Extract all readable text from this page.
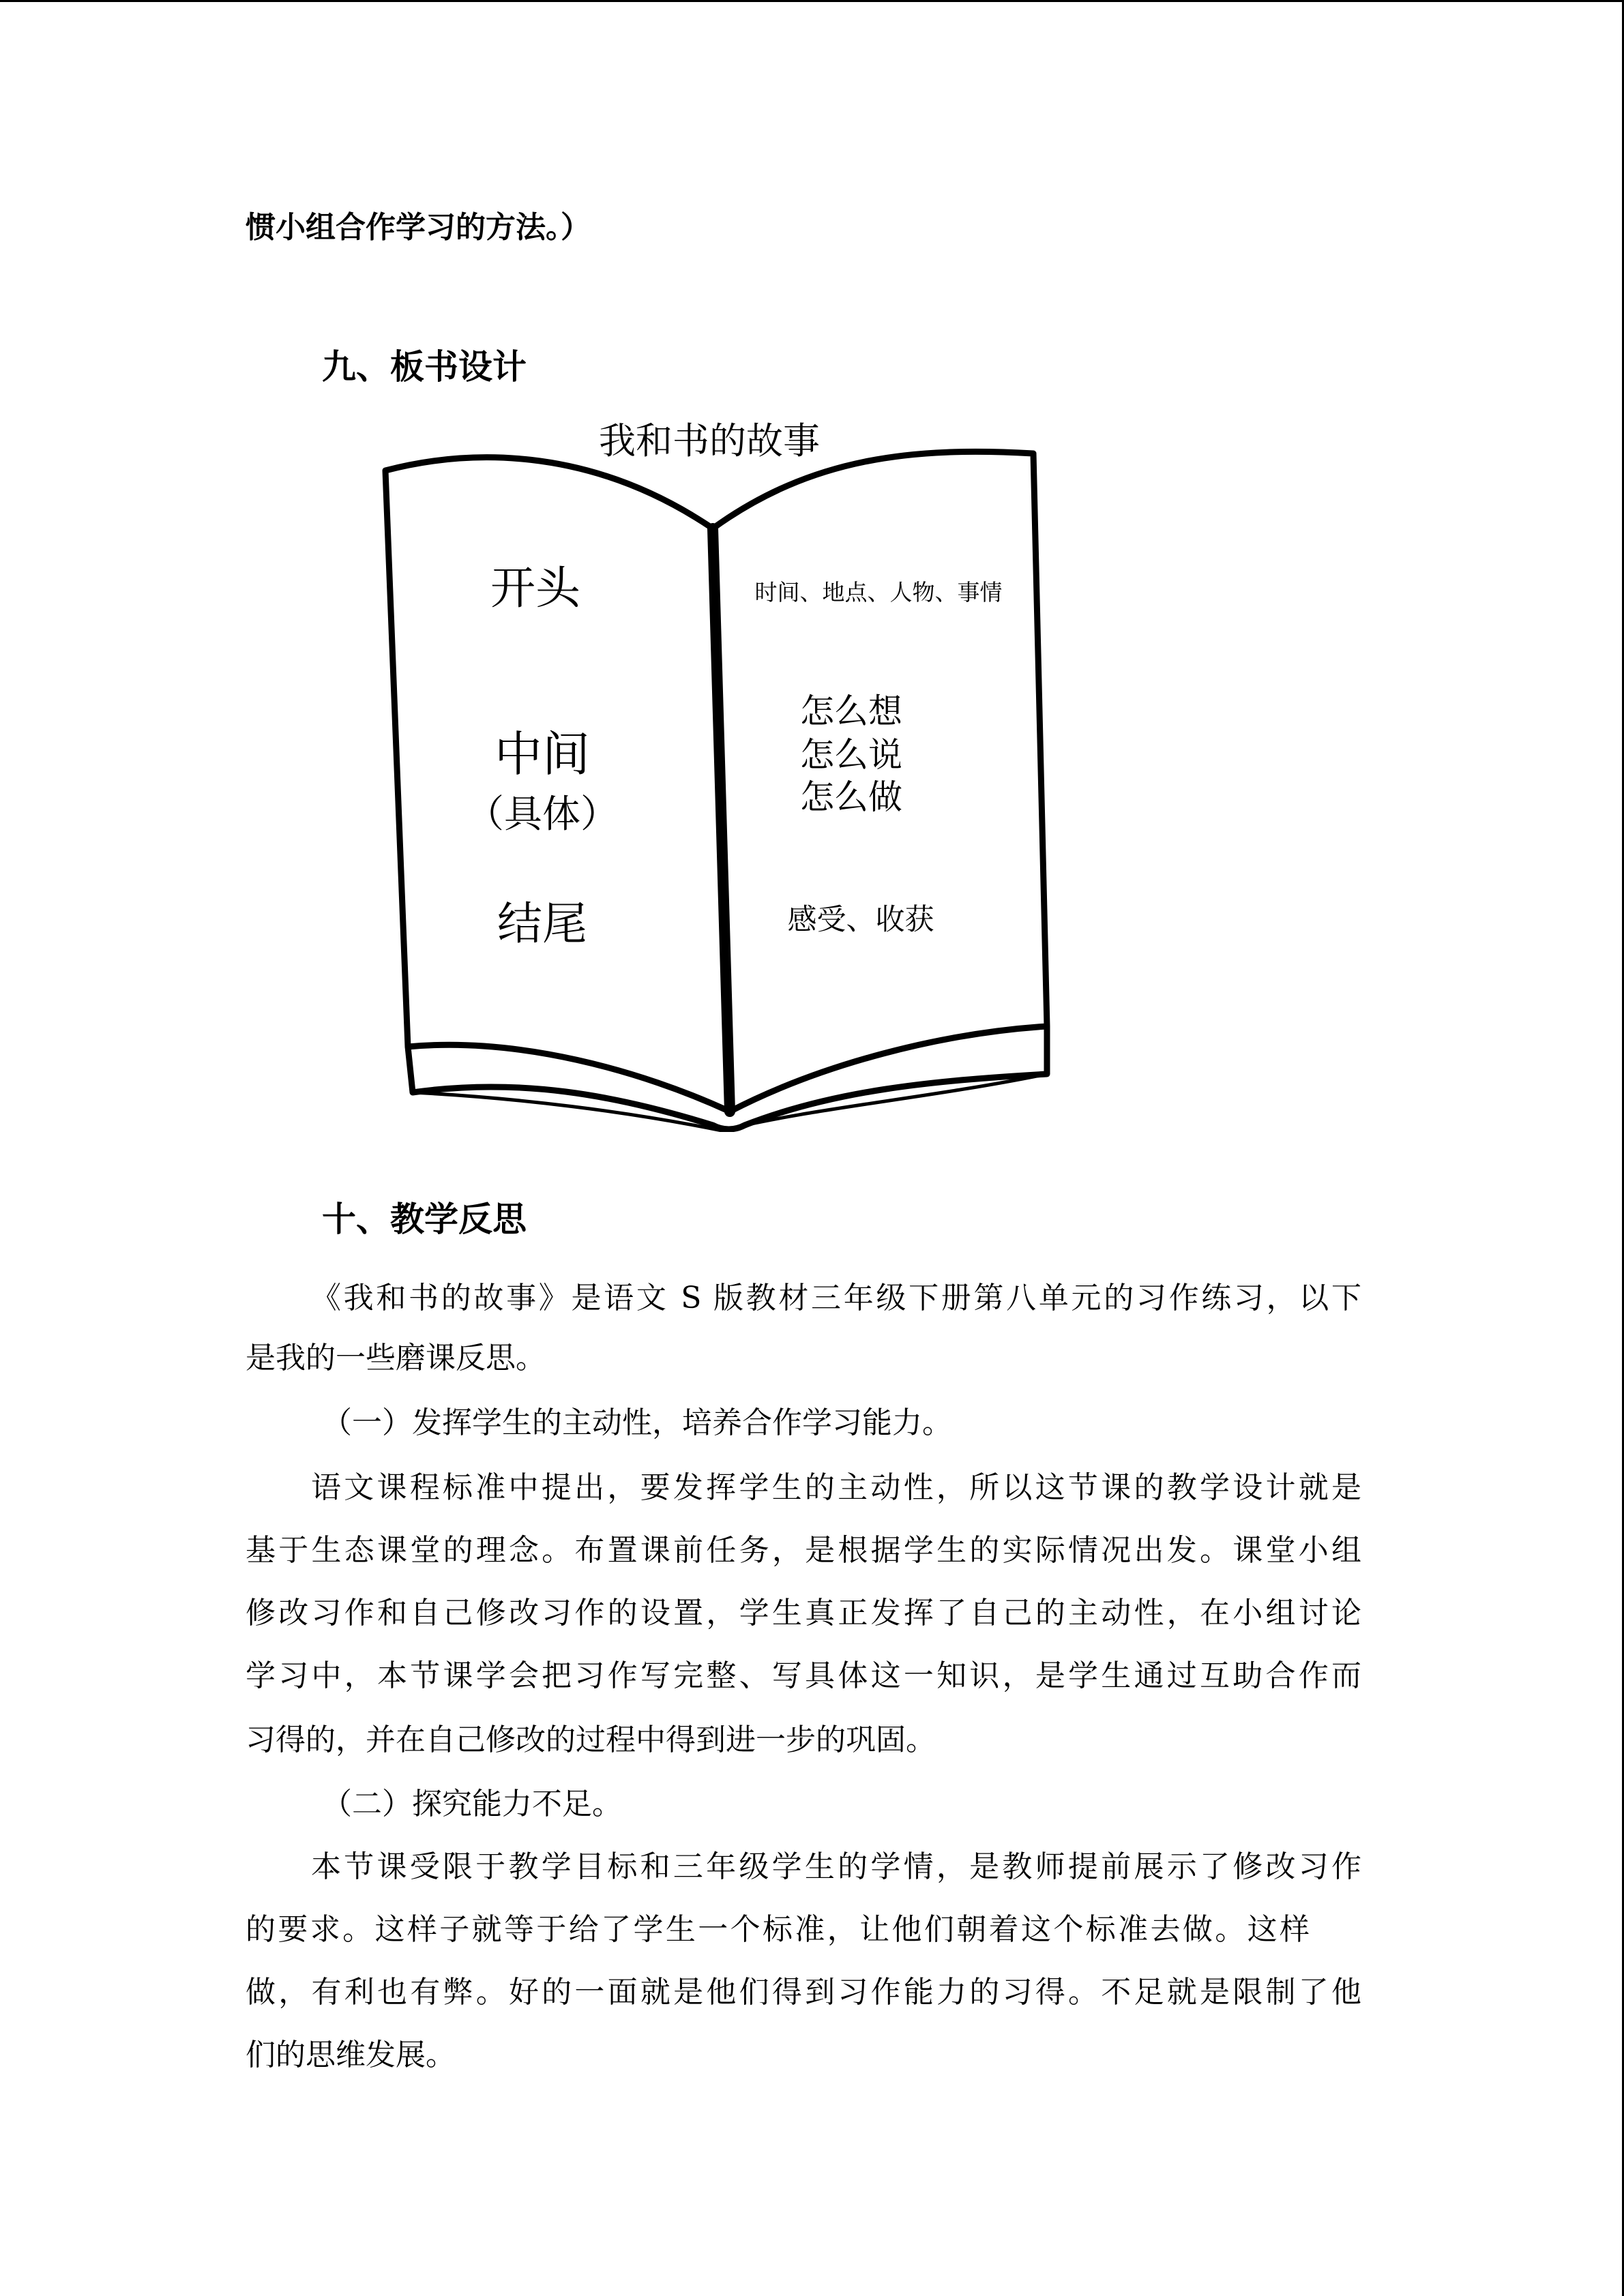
惯小组合作学习的方法。）
九、板书设计
我和书的故事
开头
中间
（具体）
结尾
时间、地点、人物、事情
怎么想
怎么说
怎么做
感受、收获
十、教学反思
《我和书的故事》是语文 S 版教材三年级下册第八单元的习作练习，以下
是我的一些磨课反思。
（一）发挥学生的主动性，培养合作学习能力。
语文课程标准中提出，要发挥学生的主动性，所以这节课的教学设计就是
基于生态课堂的理念。布置课前任务，是根据学生的实际情况出发。课堂小组
修改习作和自己修改习作的设置，学生真正发挥了自己的主动性，在小组讨论
学习中，本节课学会把习作写完整、写具体这一知识，是学生通过互助合作而
习得的，并在自己修改的过程中得到进一步的巩固。
（二）探究能力不足。
本节课受限于教学目标和三年级学生的学情，是教师提前展示了修改习作
的要求。这样子就等于给了学生一个标准，让他们朝着这个标准去做。这样
做，有利也有弊。好的一面就是他们得到习作能力的习得。不足就是限制了他
们的思维发展。
